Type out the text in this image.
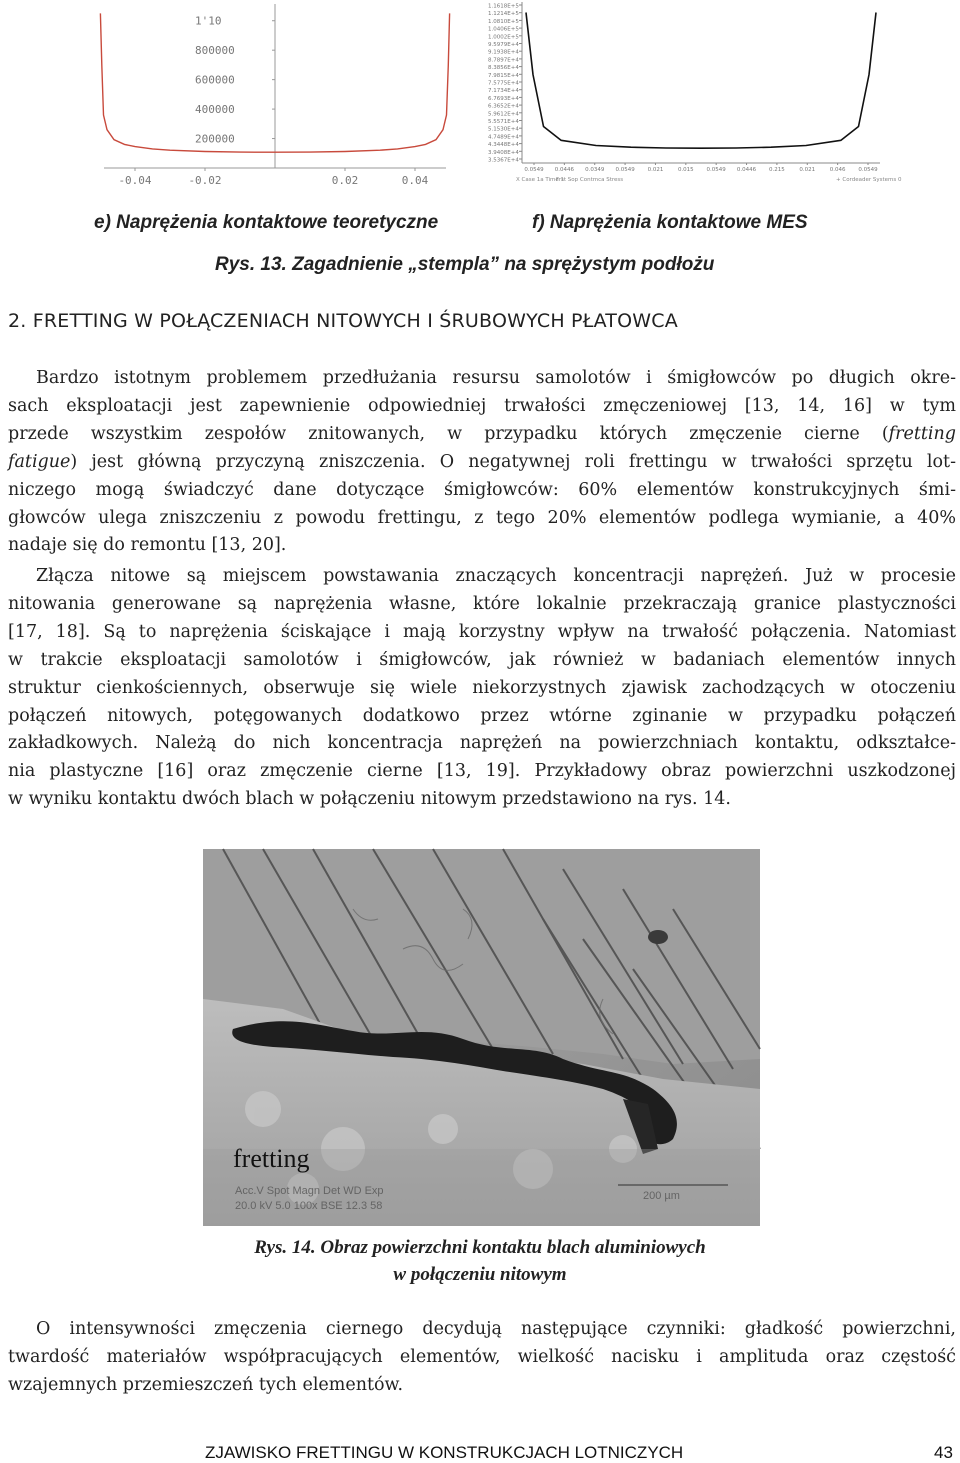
200000
400000
600000
800000
1'10
-0.04	-0.02	0.02	0.04
1.1618E+5
1.1214E+5
1.0810E+5
1.0406E+5
1.0002E+5
9.5979E+4
9.1938E+4
8.7897E+4
8.3856E+4
7.9815E+4
7.5775E+4
7.1734E+4
6.7693E+4
6.3652E+4
5.9612E+4
5.5571E+4
5.1530E+4
4.7489E+4
4.3448E+4
3.9408E+4
3.5367E+4
0.0549 0.0446 0.0349 0.0549 0.021	0.015 0.0549 0.0446 0.215	0.021	0.046 0.0549
X Case 1a Time 1
Frst Sop Contmca Stress	+ Cordeader Systems 0
e) Naprężenia kontaktowe teoretyczne	f) Naprężenia kontaktowe MES
Rys. 13. Zagadnienie „stempla” na sprężystym podłożu
2. FRETTING W POŁĄCZENIACH NITOWYCH I ŚRUBOWYCH PŁATOWCA

Bardzo istotnym problemem przedłużania resursu samolotów i śmigłowców po długich okre-

sach eksploatacji jest zapewnienie odpowiedniej trwałości zmęczeniowej [13, 14, 16] w tym

przede wszystkim zespołów znitowanych, w przypadku których zmęczenie cierne (fretting

fatigue) jest główną przyczyną zniszczenia. O negatywnej roli frettingu w trwałości sprzętu lot-

niczego mogą świadczyć dane dotyczące śmigłowców: 60% elementów konstrukcyjnych śmi-

głowców ulega zniszczeniu z powodu frettingu, z tego 20% elementów podlega wymianie, a 40%

nadaje się do remontu [13, 20].

Złącza nitowe są miejscem powstawania znaczących koncentracji naprężeń. Już w procesie

nitowania generowane są naprężenia własne, które lokalnie przekraczają granice plastyczności

[17, 18]. Są to naprężenia ściskające i mają korzystny wpływ na trwałość połączenia. Natomiast

w trakcie eksploatacji samolotów i śmigłowców, jak również w badaniach elementów innych

struktur cienkościennych, obserwuje się wiele niekorzystnych zjawisk zachodzących w otoczeniu

połączeń nitowych, potęgowanych dodatkowo przez wtórne zginanie w przypadku połączeń

zakładkowych. Należą do nich koncentracja naprężeń na powierzchniach kontaktu, odkształce-

nia plastyczne [16] oraz zmęczenie cierne [13, 19]. Przykładowy obraz powierzchni uszkodzonej

w wyniku kontaktu dwóch blach w połączeniu nitowym przedstawiono na rys. 14.

fretting
Acc.V Spot Magn Det WD Exp
20.0 kV 5.0 100x BSE 12.3 58
200 µm
Rys. 14. Obraz powierzchni kontaktu blach aluminiowych
w połączeniu nitowym

O intensywności zmęczenia ciernego decydują następujące czynniki: gładkość powierzchni,

twardość materiałów współpracujących elementów, wielkość nacisku i amplituda oraz częstość

wzajemnych przemieszczeń tych elementów.

ZJAWISKO FRETTINGU W KONSTRUKCJACH LOTNICZYCH	43
